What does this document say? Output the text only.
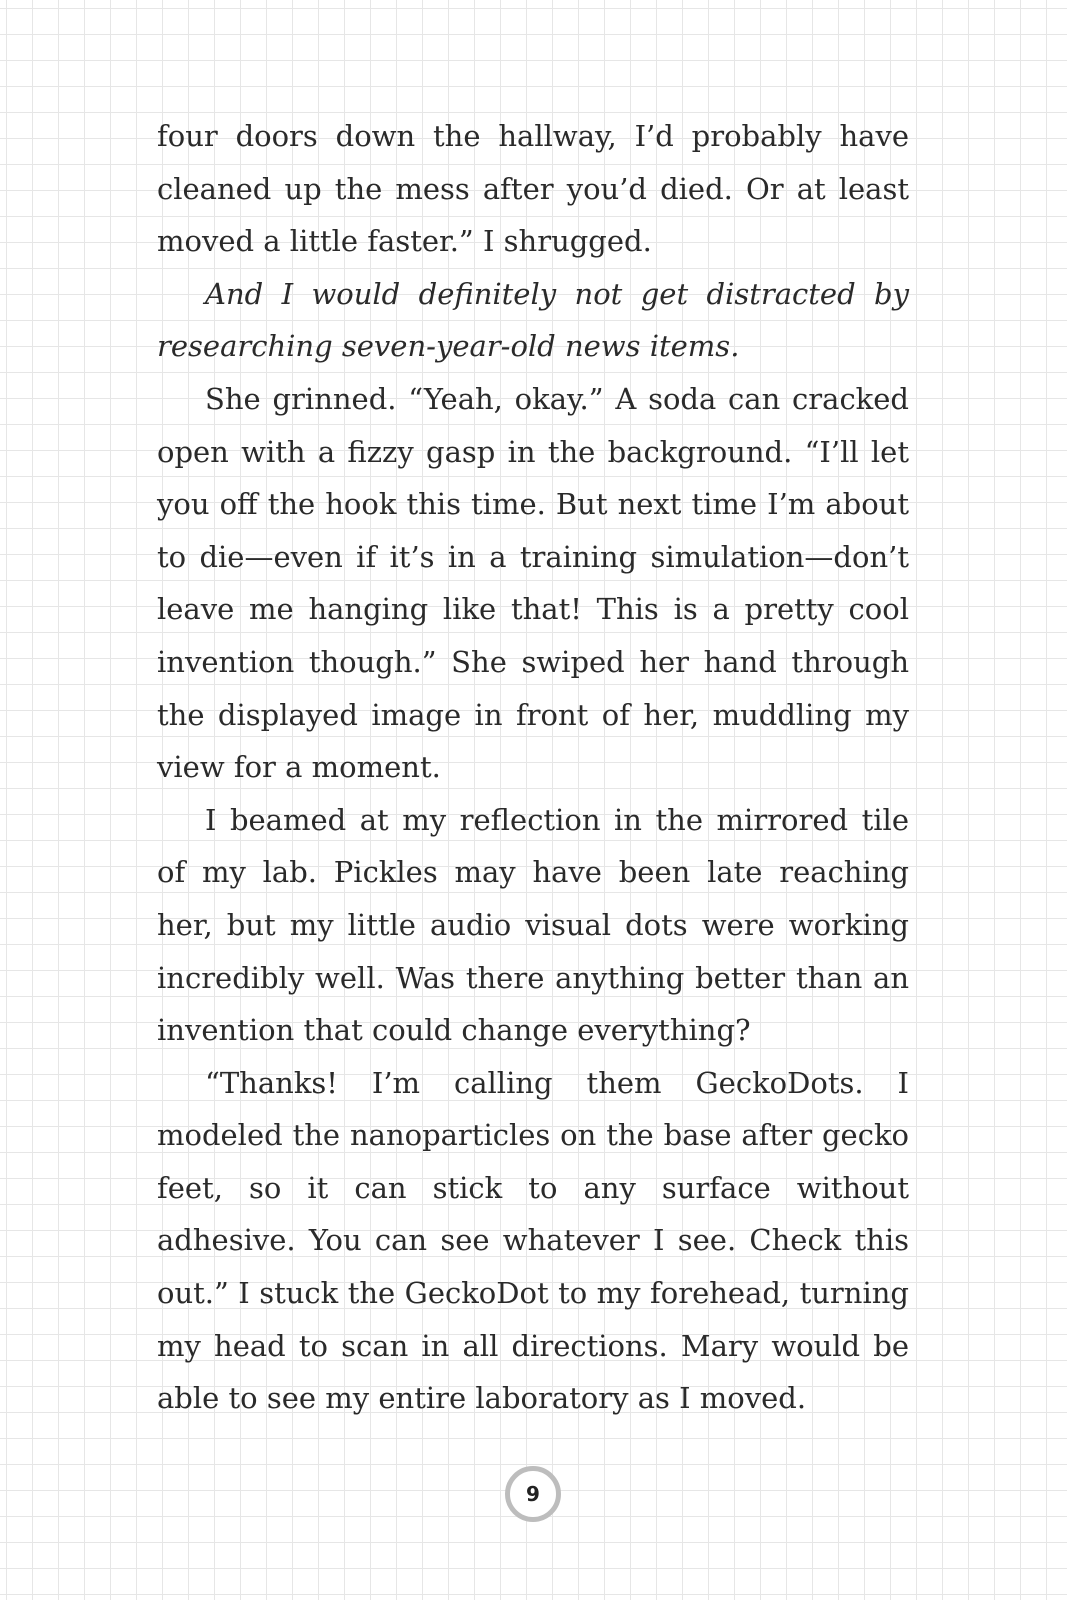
four doors down the hallway, I’d probably have cleaned up the mess after you’d died. Or at least moved a little faster.” I shrugged.

And I would definitely not get distracted by researching seven-year-old news items.

She grinned. “Yeah, okay.” A soda can cracked open with a fizzy gasp in the background. “I’ll let you off the hook this time. But next time I’m about to die—even if it’s in a training simulation—don’t leave me hanging like that! This is a pretty cool invention though.” She swiped her hand through the displayed image in front of her, muddling my view for a moment.

I beamed at my reflection in the mirrored tile of my lab. Pickles may have been late reaching her, but my little audio visual dots were working incredibly well. Was there anything better than an invention that could change everything?

“Thanks! I’m calling them GeckoDots. I modeled the nanoparticles on the base after gecko feet, so it can stick to any surface without adhesive. You can see whatever I see. Check this out.” I stuck the GeckoDot to my forehead, turning my head to scan in all directions. Mary would be able to see my entire laboratory as I moved.

9
